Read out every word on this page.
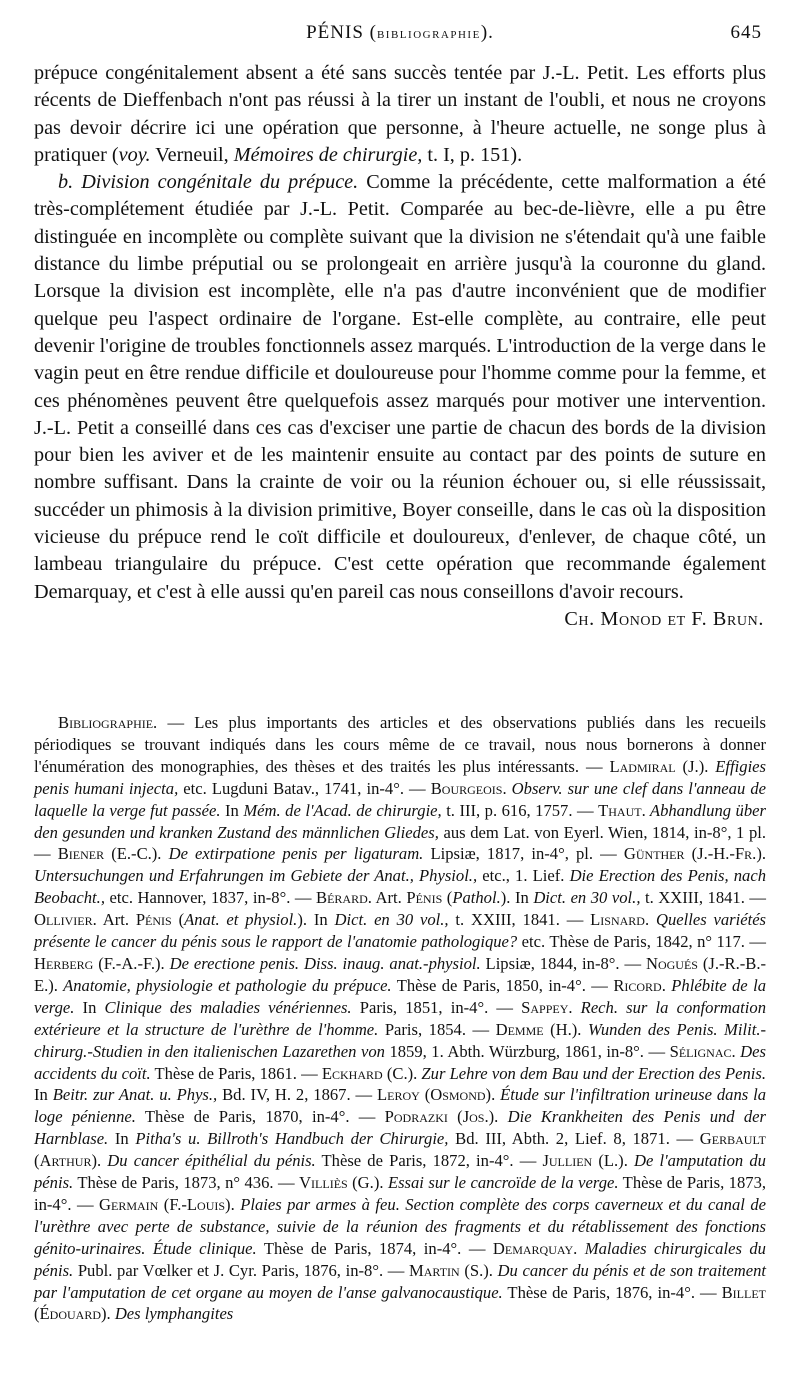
PÉNIS (bibliographie).	645

prépuce congénitalement absent a été sans succès tentée par J.-L. Petit. Les efforts plus récents de Dieffenbach n'ont pas réussi à la tirer un instant de l'oubli, et nous ne croyons pas devoir décrire ici une opération que personne, à l'heure actuelle, ne songe plus à pratiquer (voy. Verneuil, Mémoires de chirurgie, t. I, p. 151).

b. Division congénitale du prépuce. Comme la précédente, cette malformation a été très-complétement étudiée par J.-L. Petit. Comparée au bec-de-lièvre, elle a pu être distinguée en incomplète ou complète suivant que la division ne s'étendait qu'à une faible distance du limbe préputial ou se prolongeait en arrière jusqu'à la couronne du gland. Lorsque la division est incomplète, elle n'a pas d'autre inconvénient que de modifier quelque peu l'aspect ordinaire de l'organe. Est-elle complète, au contraire, elle peut devenir l'origine de troubles fonctionnels assez marqués. L'introduction de la verge dans le vagin peut en être rendue difficile et douloureuse pour l'homme comme pour la femme, et ces phénomènes peuvent être quelquefois assez marqués pour motiver une intervention. J.-L. Petit a conseillé dans ces cas d'exciser une partie de chacun des bords de la division pour bien les aviver et de les maintenir ensuite au contact par des points de suture en nombre suffisant. Dans la crainte de voir ou la réunion échouer ou, si elle réussissait, succéder un phimosis à la division primitive, Boyer conseille, dans le cas où la disposition vicieuse du prépuce rend le coït difficile et douloureux, d'enlever, de chaque côté, un lambeau triangulaire du prépuce. C'est cette opération que recommande également Demarquay, et c'est à elle aussi qu'en pareil cas nous conseillons d'avoir recours.

Ch. Monod et F. Brun.

Bibliographie. — Les plus importants des articles et des observations publiés dans les recueils périodiques se trouvant indiqués dans les cours même de ce travail, nous nous bornerons à donner l'énumération des monographies, des thèses et des traités les plus intéressants. — Ladmiral (J.). Effigies penis humani injecta, etc. Lugduni Batav., 1741, in-4°. — Bourgeois. Observ. sur une clef dans l'anneau de laquelle la verge fut passée. In Mém. de l'Acad. de chirurgie, t. III, p. 616, 1757. — Thaut. Abhandlung über den gesunden und kranken Zustand des männlichen Gliedes, aus dem Lat. von Eyerl. Wien, 1814, in-8°, 1 pl. — Biener (E.-C.). De extirpatione penis per ligaturam. Lipsiæ, 1817, in-4°, pl. — Günther (J.-H.-Fr.). Untersuchungen und Erfahrungen im Gebiete der Anat., Physiol., etc., 1. Lief. Die Erection des Penis, nach Beobacht., etc. Hannover, 1837, in-8°. — Bérard. Art. Pénis (Pathol.). In Dict. en 30 vol., t. XXIII, 1841. — Ollivier. Art. Pénis (Anat. et physiol.). In Dict. en 30 vol., t. XXIII, 1841. — Lisnard. Quelles variétés présente le cancer du pénis sous le rapport de l'anatomie pathologique? etc. Thèse de Paris, 1842, n° 117. — Herberg (F.-A.-F.). De erectione penis. Diss. inaug. anat.-physiol. Lipsiæ, 1844, in-8°. — Nogués (J.-R.-B.-E.). Anatomie, physiologie et pathologie du prépuce. Thèse de Paris, 1850, in-4°. — Ricord. Phlébite de la verge. In Clinique des maladies vénériennes. Paris, 1851, in-4°. — Sappey. Rech. sur la conformation extérieure et la structure de l'urèthre de l'homme. Paris, 1854. — Demme (H.). Wunden des Penis. Milit.-chirurg.-Studien in den italienischen Lazarethen von 1859, 1. Abth. Würzburg, 1861, in-8°. — Sélignac. Des accidents du coït. Thèse de Paris, 1861. — Eckhard (C.). Zur Lehre von dem Bau und der Erection des Penis. In Beitr. zur Anat. u. Phys., Bd. IV, H. 2, 1867. — Leroy (Osmond). Étude sur l'infiltration urineuse dans la loge pénienne. Thèse de Paris, 1870, in-4°. — Podrazki (Jos.). Die Krankheiten des Penis und der Harnblase. In Pitha's u. Billroth's Handbuch der Chirurgie, Bd. III, Abth. 2, Lief. 8, 1871. — Gerbault (Arthur). Du cancer épithélial du pénis. Thèse de Paris, 1872, in-4°. — Jullien (L.). De l'amputation du pénis. Thèse de Paris, 1873, n° 436. — Villiès (G.). Essai sur le cancroïde de la verge. Thèse de Paris, 1873, in-4°. — Germain (F.-Louis). Plaies par armes à feu. Section complète des corps caverneux et du canal de l'urèthre avec perte de substance, suivie de la réunion des fragments et du rétablissement des fonctions génito-urinaires. Étude clinique. Thèse de Paris, 1874, in-4°. — Demarquay. Maladies chirurgicales du pénis. Publ. par Vœlker et J. Cyr. Paris, 1876, in-8°. — Martin (S.). Du cancer du pénis et de son traitement par l'amputation de cet organe au moyen de l'anse galvanocaustique. Thèse de Paris, 1876, in-4°. — Billet (Édouard). Des lymphangites
